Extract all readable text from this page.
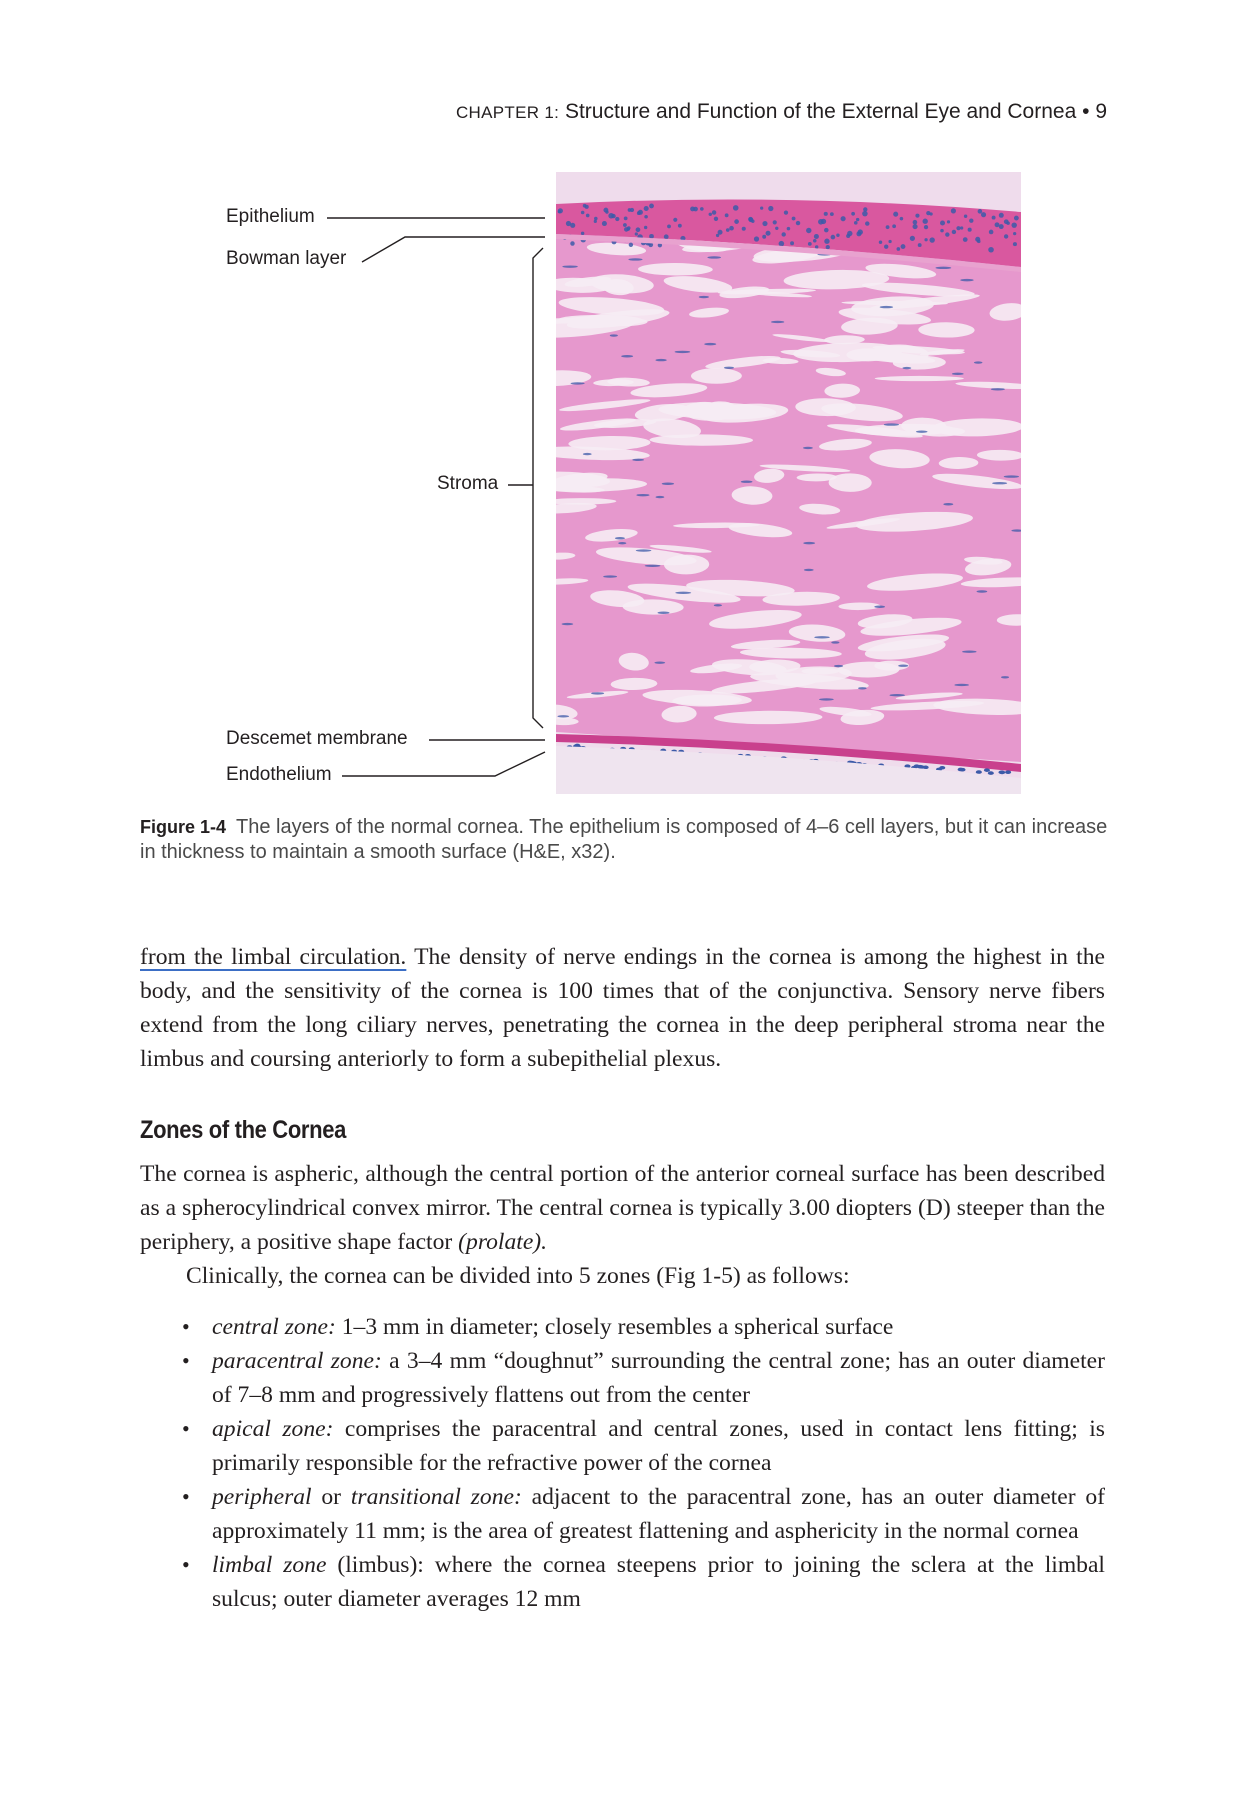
CHAPTER 1: Structure and Function of the External Eye and Cornea • 9
Epithelium
Bowman layer
Stroma
Descemet membrane
Endothelium
Figure 1-4 The layers of the normal cornea. The epithelium is composed of 4–6 cell layers, but it can increase in thickness to maintain a smooth surface (H&E, x32).
from the limbal circulation. The density of nerve endings in the cornea is among the highest in the body, and the sensitivity of the cornea is 100 times that of the conjunctiva. Sensory nerve fibers extend from the long ciliary nerves, penetrating the cornea in the deep peripheral stroma near the limbus and coursing anteriorly to form a subepithelial plexus.
Zones of the Cornea
The cornea is aspheric, although the central portion of the anterior corneal surface has been described as a spherocylindrical convex mirror. The central cornea is typically 3.00 diopters (D) steeper than the periphery, a positive shape factor (prolate).
Clinically, the cornea can be divided into 5 zones (Fig 1-5) as follows:
• central zone: 1–3 mm in diameter; closely resembles a spherical surface
• paracentral zone: a 3–4 mm “doughnut” surrounding the central zone; has an outer diameter of 7–8 mm and progressively flattens out from the center
• apical zone: comprises the paracentral and central zones, used in contact lens fitting; is primarily responsible for the refractive power of the cornea
• peripheral or transitional zone: adjacent to the paracentral zone, has an outer diameter of approximately 11 mm; is the area of greatest flattening and asphericity in the normal cornea
• limbal zone (limbus): where the cornea steepens prior to joining the sclera at the limbal sulcus; outer diameter averages 12 mm
